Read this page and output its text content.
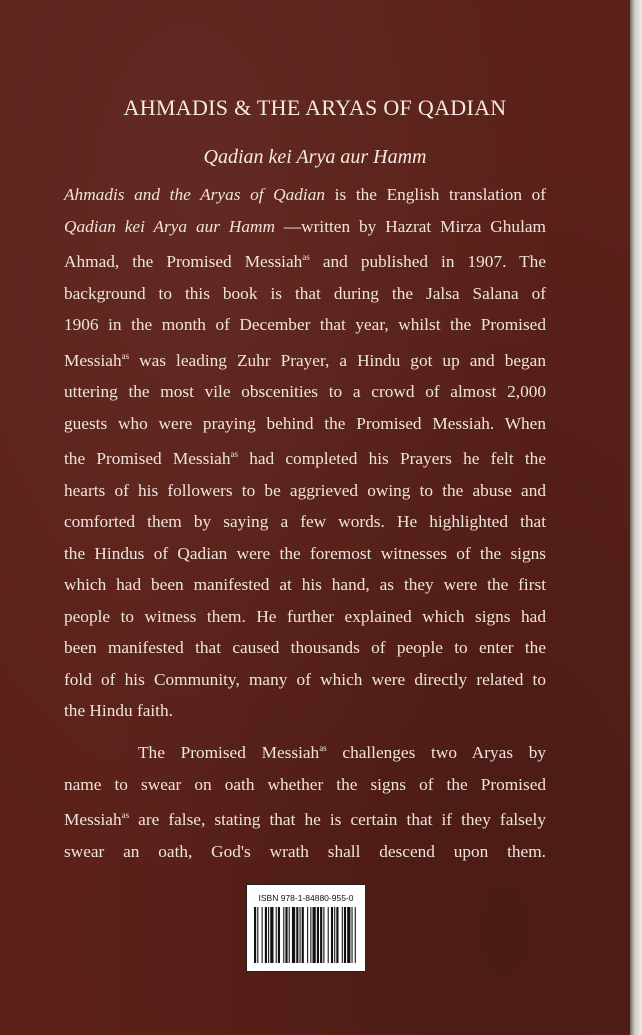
AHMADIS & THE ARYAS OF QADIAN
Qadian kei Arya aur Hamm
Ahmadis and the Aryas of Qadian is the English translation of
Qadian kei Arya aur Hamm —written by Hazrat Mirza Ghulam
Ahmad, the Promised Messiah$^{as}$ and published in 1907. The
background to this book is that during the Jalsa Salana of
1906 in the month of December that year, whilst the Promised
Messiah$^{as}$ was leading Zuhr Prayer, a Hindu got up and began
uttering the most vile obscenities to a crowd of almost 2,000
guests who were praying behind the Promised Messiah. When
the Promised Messiah$^{as}$ had completed his Prayers he felt the
hearts of his followers to be aggrieved owing to the abuse and
comforted them by saying a few words. He highlighted that
the Hindus of Qadian were the foremost witnesses of the signs
which had been manifested at his hand, as they were the first
people to witness them. He further explained which signs had
been manifested that caused thousands of people to enter the
fold of his Community, many of which were directly related to
the Hindu faith.
The Promised Messiah$^{as}$ challenges two Aryas by
name to swear on oath whether the signs of the Promised
Messiah$^{as}$ are false, stating that he is certain that if they falsely
swear an oath, God's wrath shall descend upon them.
ISBN 978-1-84880-955-0
